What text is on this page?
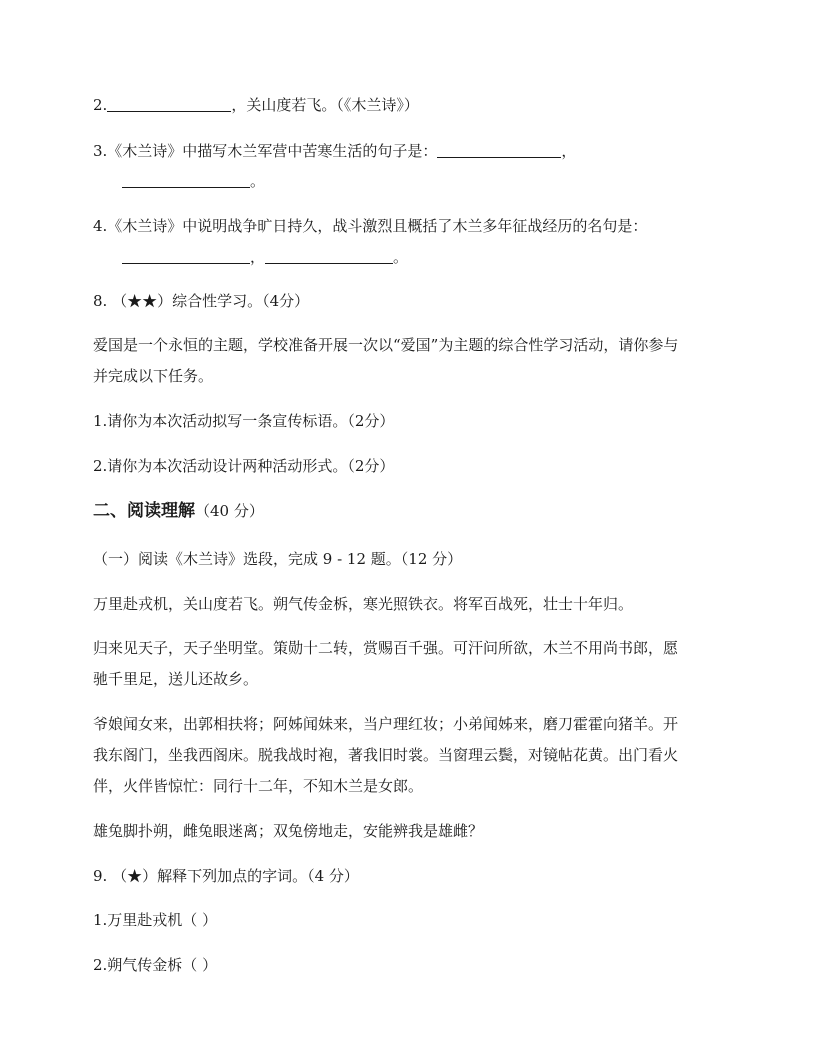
2.	，关山度若飞。（《木兰诗》）
3.《木兰诗》中描写木兰军营中苦寒生活的句子是：	，
。
4.《木兰诗》中说明战争旷日持久，战斗激烈且概括了木兰多年征战经历的名句是：
，	。
8. （★★）综合性学习。（4分）
爱国是一个永恒的主题，学校准备开展一次以“爱国”为主题的综合性学习活动，请你参与
并完成以下任务。
1.请你为本次活动拟写一条宣传标语。（2分）
2.请你为本次活动设计两种活动形式。（2分）
二、阅读理解（40 分）
（一）阅读《木兰诗》选段，完成 9 - 12 题。（12 分）
万里赴戎机，关山度若飞。朔气传金柝，寒光照铁衣。将军百战死，壮士十年归。
归来见天子，天子坐明堂。策勋十二转，赏赐百千强。可汗问所欲，木兰不用尚书郎，愿
驰千里足，送儿还故乡。
爷娘闻女来，出郭相扶将；阿姊闻妹来，当户理红妆；小弟闻姊来，磨刀霍霍向猪羊。开
我东阁门，坐我西阁床。脱我战时袍，著我旧时裳。当窗理云鬓，对镜帖花黄。出门看火
伴，火伴皆惊忙：同行十二年，不知木兰是女郎。
雄兔脚扑朔，雌兔眼迷离；双兔傍地走，安能辨我是雄雌？
9. （★）解释下列加点的字词。（4 分）
1.万里赴戎机（ ）
2.朔气传金柝（ ）
